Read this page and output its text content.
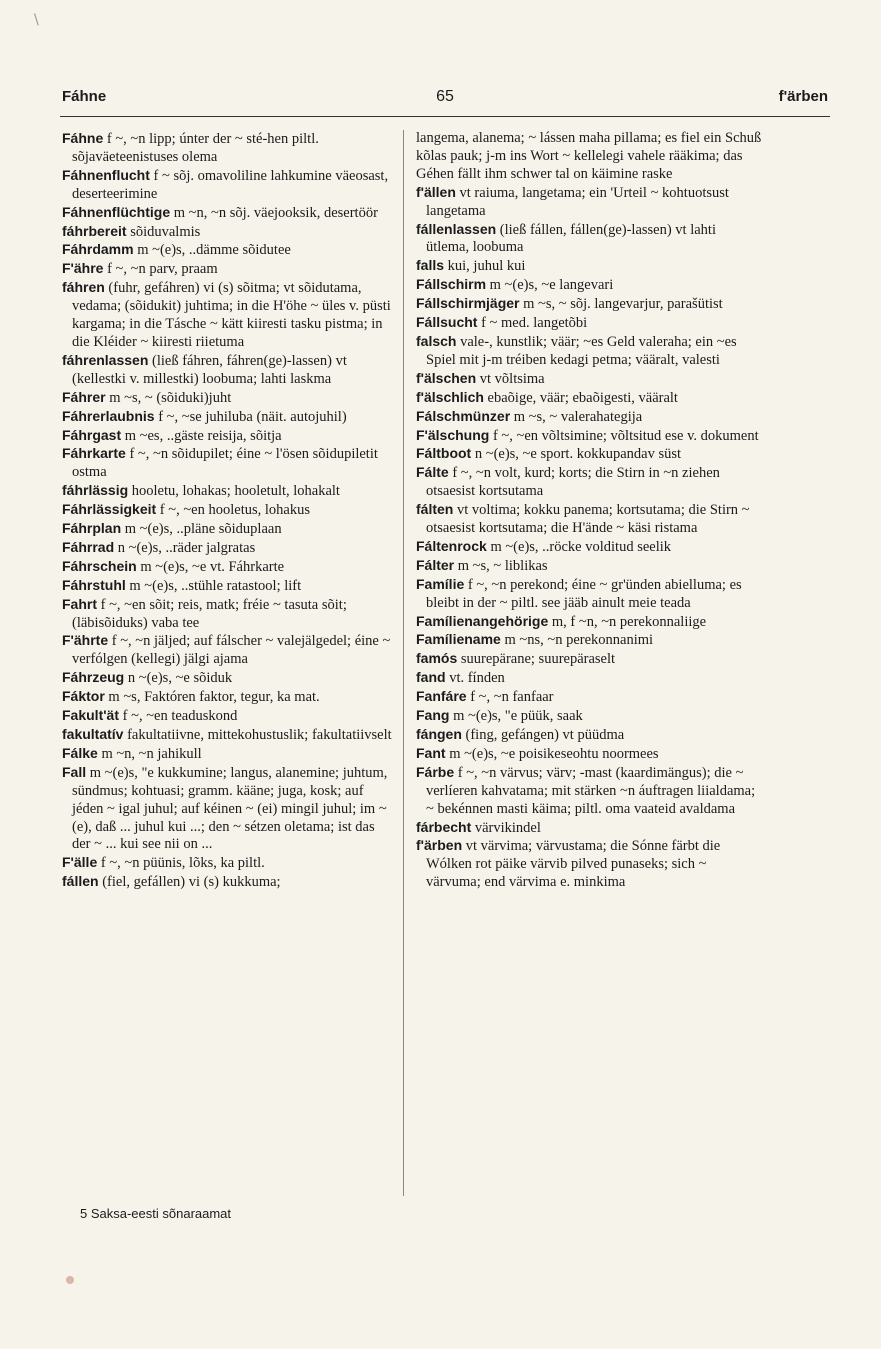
\
Fáhne	65	f'ärben

Fáhne f ~, ~n lipp; únter der ~ sté-hen piltl. sõjaväeteenistuses olema

Fáhnenflucht f ~ sõj. omavoliline lahkumine väeosast, deserteerimine

Fáhnenflüchtige m ~n, ~n sõj. väejooksik, desertöör

fáhrbereit sõiduvalmis

Fáhrdamm m ~(e)s, ..dämme sõidutee

F'ähre f ~, ~n parv, praam

fáhren (fuhr, gefáhren) vi (s) sõitma; vt sõidutama, vedama; (sõidukit) juhtima; in die H'öhe ~ üles v. püsti kargama; in die Tásche ~ kätt kiiresti tasku pistma; in die Kléider ~ kiiresti riietuma

fáhrenlassen (ließ fáhren, fáhren(ge)-lassen) vt (kellestki v. millestki) loobuma; lahti laskma

Fáhrer m ~s, ~ (sõiduki)juht

Fáhrerlaubnis f ~, ~se juhiluba (näit. autojuhil)

Fáhrgast m ~es, ..gäste reisija, sõitja

Fáhrkarte f ~, ~n sõidupilet; éine ~ l'ösen sõidupiletit ostma

fáhrlässig hooletu, lohakas; hooletult, lohakalt

Fáhrlässigkeit f ~, ~en hooletus, lohakus

Fáhrplan m ~(e)s, ..pläne sõiduplaan

Fáhrrad n ~(e)s, ..räder jalgratas

Fáhrschein m ~(e)s, ~e vt. Fáhrkarte

Fáhrstuhl m ~(e)s, ..stühle ratastool; lift

Fahrt f ~, ~en sõit; reis, matk; fréie ~ tasuta sõit; (läbisõiduks) vaba tee

F'ährte f ~, ~n jäljed; auf fálscher ~ valejälgedel; éine ~ verfólgen (kellegi) jälgi ajama

Fáhrzeug n ~(e)s, ~e sõiduk

Fáktor m ~s, Faktóren faktor, tegur, ka mat.

Fakult'ät f ~, ~en teaduskond

fakultatív fakultatiivne, mittekohustuslik; fakultatiivselt

Fálke m ~n, ~n jahikull

Fall m ~(e)s, "e kukkumine; langus, alanemine; juhtum, sündmus; kohtuasi; gramm. kääne; juga, kosk; auf jéden ~ igal juhul; auf kéinen ~ (ei) mingil juhul; im ~(e), daß ... juhul kui ...; den ~ sétzen oletama; ist das der ~ ... kui see nii on ...

F'älle f ~, ~n püünis, lõks, ka piltl.

fállen (fiel, gefállen) vi (s) kukkuma;

langema, alanema; ~ lássen maha pillama; es fiel ein Schuß kõlas pauk; j-m ins Wort ~ kellelegi vahele rääkima; das Géhen fällt ihm schwer tal on käimine raske

f'ällen vt raiuma, langetama; ein 'Urteil ~ kohtuotsust langetama

fállenlassen (ließ fállen, fállen(ge)-lassen) vt lahti ütlema, loobuma

falls kui, juhul kui

Fállschirm m ~(e)s, ~e langevari

Fállschirmjäger m ~s, ~ sõj. langevarjur, parašütist

Fállsucht f ~ med. langetõbi

falsch vale-, kunstlik; väär; ~es Geld valeraha; ein ~es Spiel mit j-m tréiben kedagi petma; vääralt, valesti

f'älschen vt võltsima

f'älschlich ebaõige, väär; ebaõigesti, vääralt

Fálschmünzer m ~s, ~ valerahategija

F'älschung f ~, ~en võltsimine; võltsitud ese v. dokument

Fáltboot n ~(e)s, ~e sport. kokkupandav süst

Fálte f ~, ~n volt, kurd; korts; die Stirn in ~n ziehen otsaesist kortsutama

fálten vt voltima; kokku panema; kortsutama; die Stirn ~ otsaesist kortsutama; die H'ände ~ käsi ristama

Fáltenrock m ~(e)s, ..röcke volditud seelik

Fálter m ~s, ~ liblikas

Famílie f ~, ~n perekond; éine ~ gr'ünden abielluma; es bleibt in der ~ piltl. see jääb ainult meie teada

Famílienangehörige m, f ~n, ~n perekonnaliige

Famíliename m ~ns, ~n perekonnanimi

famós suurepärane; suurepäraselt

fand vt. fínden

Fanfáre f ~, ~n fanfaar

Fang m ~(e)s, "e püük, saak

fángen (fing, gefángen) vt püüdma

Fant m ~(e)s, ~e poisikeseohtu noormees

Fárbe f ~, ~n värvus; värv; -mast (kaardimängus); die ~ verlíeren kahvatama; mit stärken ~n áuftragen liialdama; ~ bekénnen masti käima; piltl. oma vaateid avaldama

fárbecht värvikindel

f'ärben vt värvima; värvustama; die Sónne färbt die Wólken rot päike värvib pilved punaseks; sich ~ värvuma; end värvima e. minkima

5 Saksa-eesti sõnaraamat
